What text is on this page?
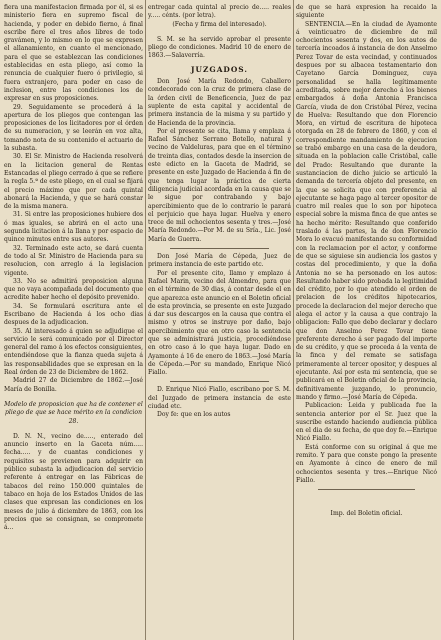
fiera una manifestacion firmada por él, si es ministerio fiera en supremo fiscal de hacienda, y poder en debido fierno, á final escribe fiere el tres años libres de todo gravámen, y lo mismo en lo que se expresen el allanamiento, en cuanto el mencionado, para el que se establezcan las condiciones establecidas en esta pliego, así como la renuncia de cualquier fuero ó privilegio, si fuera extranjero, para poder en caso de inclusion, entre las condiciones los de expresar en sus proposiciones.

29. Seguidamente se procederá á la apertura de los pliegos que contengan las proposiciones de los licitadores por el órden de su numeracion, y se leerán en voz alta, tomando nota de su contenido el actuario de la subasta.

30. El Sr. Ministro de Hacienda resolverá en la licitacion general de Rentas Estancadas el pliego cerrado á que se refiere la regla 5.ª de este pliego, en el cual se fijará el precio máximo que por cada quintal abonará la Hacienda, y que se hará constar de la misma manera.

31. Si entre las proposiciones hubiere dos ó mas iguales, se abrirá en el acto una segunda licitacion á la llana y por espacio de quince minutos entre sus autores.

32. Terminado este acto, se dará cuenta de todo al Sr. Ministro de Hacienda para su resolucion, con arreglo á la legislacion vigente.

33. No se admitirá proposicion alguna que no vaya acompañada del documento que acredite haber hecho el depósito prevenido.

34. Se formulará escritura ante el Escribano de Hacienda á los ocho dias despues de la adjudicacion.

35. Al interesado á quien se adjudique el servicio le será comunicado por el Director general del ramo á los efectos consiguientes, entendiéndose que la fianza queda sujeta á las responsabilidades que se expresan en la Real órden de 23 de Diciembre de 1862.

Madrid 27 de Diciembre de 1862.—José María de Bonilla.

Modelo de proposicion que ha de contener el pliego de que se hace mérito en la condicion 28.

D. N. N., vecino de....., enterado del anuncio inserto en la Gaceta núm..... fecha..... y de cuantas condiciones y requisitos se previenen para adquirir en público subasta la adjudicacion del servicio referente á entregar en las Fábricas de tabacos del reino 150.000 quintales de tabaco en hoja de los Estados Unidos de las clases que expresan las condiciones en los meses de julio á diciembre de 1863, con los precios que se consignan, se compromete á...

entregar cada quintal al precio de..... reales y..... cénts. (por letra).

(Fecha y firma del interesado).

S. M. se ha servido aprobar el presente pliego de condiciones. Madrid 10 de enero de 1863.—Salaverría.

JUZGADOS.

Don José María Redondo, Caballero condecorado con la cruz de primera clase de la órden civil de Beneficencia, Juez de paz suplente de esta capital y accidental de primera instancia de la misma y su partido y de Hacienda de la provincia.

Por el presente se cita, llama y emplaza á Rafael Sánchez Serrano Botello, natural y vecino de Valdeluras, para que en el término de treinta dias, contados desde la insercion de este edicto en la Gaceta de Madrid, se presente en este Juzgado de Hacienda á fin de que tenga lugar la práctica de cierta diligencia judicial acordada en la causa que se le sigue por contrabando y bajo apercibimiento que de lo contrario le parará el perjuicio que haya lugar. Huelva y enero trece de mil ochocientos sesenta y tres.—José María Redondo.—Por M. de su Sría., Lic. José María de Guerra.

Don José María de Cépeda, Juez de primera instancia de este partido etc.

Por el presente cito, llamo y emplazo á Rafael Marin, vecino del Almendro, para que en el término de 30 dias, á contar desde el en que aparezca este anuncio en el Boletin oficial de esta provincia, se presente en este Juzgado á dar sus descargos en la causa que contra el mismo y otros se instruye por daño, bajo apercibimiento que en otro caso la sentencia que se administrará justicia, procediéndose en otro caso á lo que haya lugar. Dado en Ayamonte á 16 de enero de 1863.—José María de Cépeda.—Por su mandado, Enrique Nicó Fiallo.

D. Enrique Nicó Fiallo, escribano por S. M. del Juzgado de primera instancia de este ciudad etc.

Doy fe: que en los autos

de que se hará expresion ha recaido la siguiente

SENTENCIA.—En la ciudad de Ayamonte á veinticuatro de diciembre de mil ochocientos sesenta y dos, en los autos de tercería incoados á instancia de don Anselmo Perez Tovar de esta vecindad, y continuados despues por su albacea testamentario don Cayetano García Dominguez, cuya personalidad se halla legítimamente acreditada, sobre mejor derecho á los bienes embargados á doña Antonia Francisca García, viuda de don Cristóbal Pérez, vecina de Huelva: Resultando que don Florencio Mora, en virtud de escritura de hipoteca otorgada en 28 de febrero de 1860, y con el correspondiente mandamiento de ejecucion se trabó embargo en una casa de la deudora, situada en la poblacion calle Cristóbal, calle del Prado: Resultando que durante la sustanciacion de dicho juicio se articuló la demanda de tercería objeto del presente, en la que se solicita que con preferencia al ejecutante se haga pago al tercer opositor de cuatro mil reales que lo son por hipoteca especial sobre la misma finca de que antes se ha hecho mérito: Resultando que conferido traslado á las partes, la de don Florencio Mora lo evacuó manifestando su conformidad con la reclamacion por el actor, y conforme de que se siguiese sin audiencia los gastos y costas del procedimiento, y que la doña Antonia no se ha personado en los autos: Resultando haber sido probada la legitimidad del crédito, por lo que atendido el orden de prelacion de los créditos hipotecarios, procede la declaracion del mejor derecho que alega el actor y la causa a que contrajo la obligacion: Fallo que debo declarar y declaro que don Anselmo Perez Tovar tiene preferente derecho á ser pagado del importe de su crédito, y que se proceda á la venta de la finca y del remate se satisfaga primeramente al tercer opositor, y despues al ejecutante. Así por esta mi sentencia, que se publicará en el Boletin oficial de la provincia, definitivamente juzgando, lo pronuncio, mando y firmo.—José María de Cépeda.

Publicacion: Leida y publicada fue la sentencia anterior por el Sr. Juez que la suscribe estando haciendo audiencia pública en el dia de su fecha, de que doy fe.—Enrique Nicó Fiallo.

Está conforme con su original á que me remito. Y para que conste pongo la presente en Ayamonte á cinco de enero de mil ochocientos sesenta y tres.—Enrique Nicó Fiallo.

Imp. del Boletin oficial.
